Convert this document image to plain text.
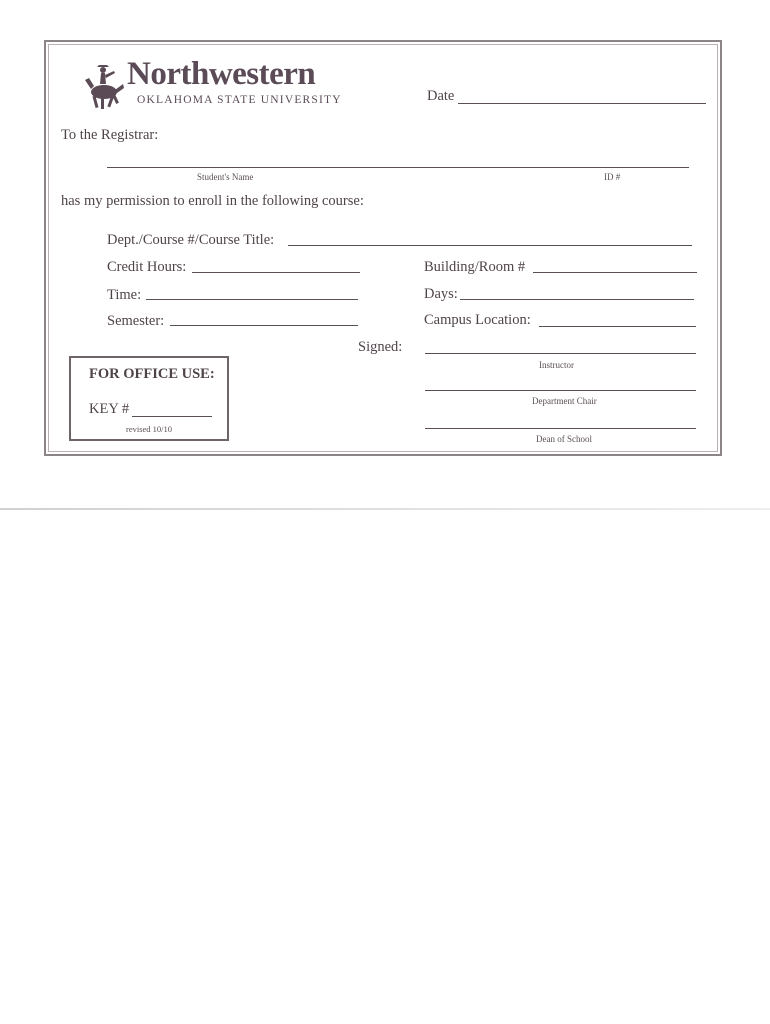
Northwestern
OKLAHOMA STATE UNIVERSITY	Date
To the Registrar:
Student's Name	ID #
has my permission to enroll in the following course:
Dept./Course #/Course Title:
Credit Hours:	Building/Room #
Time:	Days:
Semester:	Campus Location:
Signed:
Instructor
Department Chair
Dean of School
FOR OFFICE USE:
KEY #
revised 10/10
